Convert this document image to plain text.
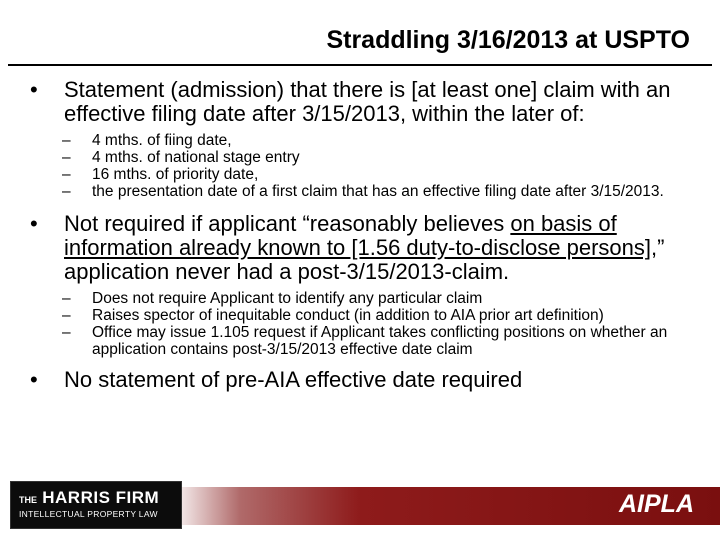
Straddling 3/16/2013 at USPTO
•	Statement (admission) that there is [at least one] claim with an effective filing date after 3/15/2013, within the later of:
–	4 mths. of fiing date,
–	4 mths. of national stage entry
–	16 mths. of priority date,
–	the presentation date of a first claim that has an effective filing date after 3/15/2013.
•	Not required if applicant “reasonably believes on basis of information already known to [1.56 duty-to-disclose persons],” application never had a post-3/15/2013-claim.
–	Does not require Applicant to identify any particular claim
–	Raises spector of inequitable conduct (in addition to AIA prior art definition)
–	Office may issue 1.105 request if Applicant takes conflicting positions on whether an application contains post-3/15/2013 effective date claim
•	No statement of pre-AIA effective date required
THE HARRIS FIRM
INTELLECTUAL PROPERTY LAW	AIPLA
